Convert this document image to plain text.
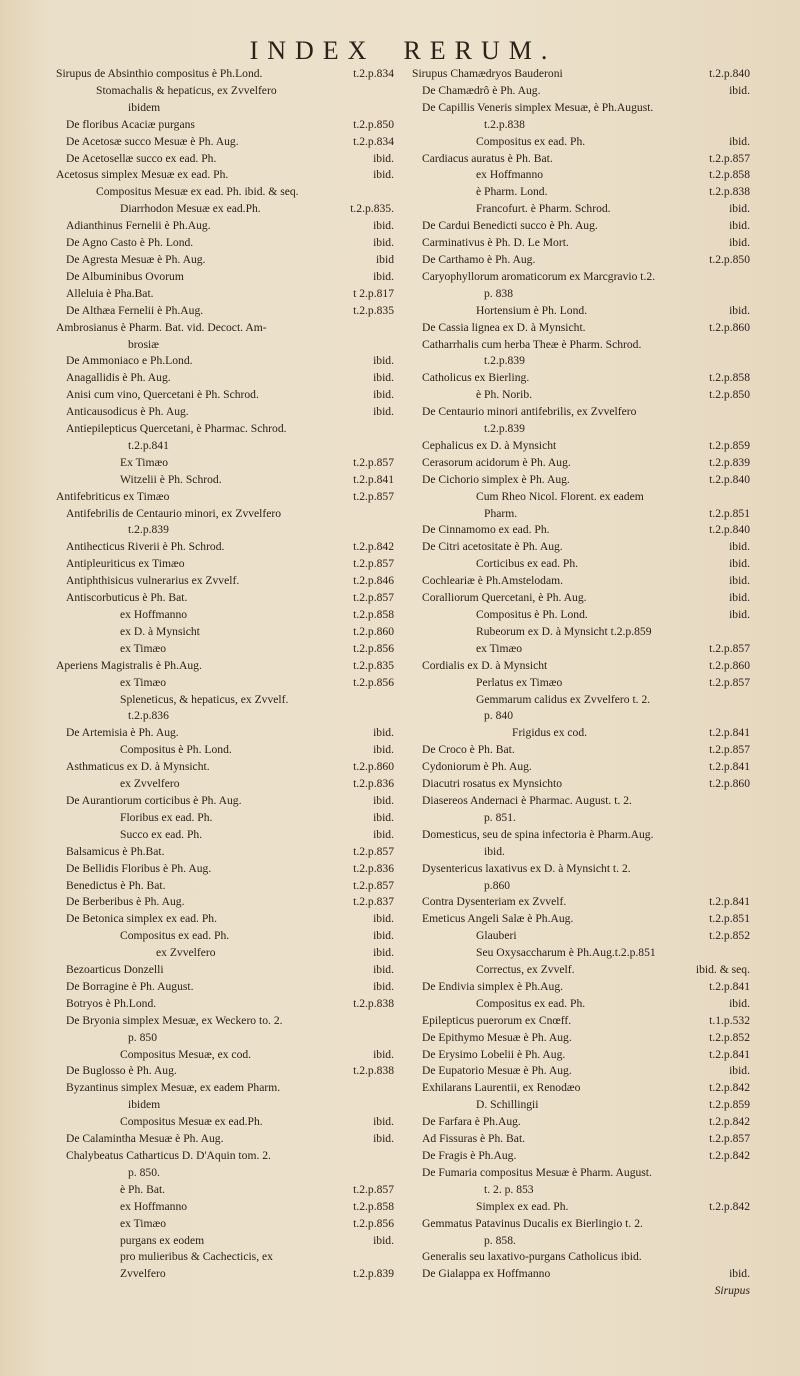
INDEX RERUM.
Sirupus de Absinthio compositus è Ph.Lond.	t.2.p.834
Stomachalis & hepaticus, ex Zvvelfero
ibidem
De floribus Acaciæ purgans	t.2.p.850
De Acetosæ succo Mesuæ è Ph. Aug.	t.2.p.834
De Acetosellæ succo ex ead. Ph.	ibid.
Acetosus simplex Mesuæ ex ead. Ph.	ibid.
Compositus Mesuæ ex ead. Ph. ibid. & seq.
Diarrhodon Mesuæ ex ead.Ph.	t.2.p.835.
Adianthinus Fernelii è Ph.Aug.	ibid.
De Agno Casto è Ph. Lond.	ibid.
De Agresta Mesuæ è Ph. Aug.	ibid
De Albuminibus Ovorum	ibid.
Alleluia è Pha.Bat.	t 2.p.817
De Althæa Fernelii è Ph.Aug.	t.2.p.835
Ambrosianus è Pharm. Bat. vid. Decoct. Am-
brosiæ
De Ammoniaco e Ph.Lond.	ibid.
Anagallidis è Ph. Aug.	ibid.
Anisi cum vino, Quercetani è Ph. Schrod.	ibid.
Anticausodicus è Ph. Aug.	ibid.
Antiepilepticus Quercetani, è Pharmac. Schrod.
t.2.p.841
Ex Timæo	t.2.p.857
Witzelii è Ph. Schrod.	t.2.p.841
Antifebriticus ex Timæo	t.2.p.857
Antifebrilis de Centaurio minori, ex Zvvelfero
t.2.p.839
Antihecticus Riverii è Ph. Schrod.	t.2.p.842
Antipleuriticus ex Timæo	t.2.p.857
Antiphthisicus vulnerarius ex Zvvelf.	t.2.p.846
Antiscorbuticus è Ph. Bat.	t.2.p.857
ex Hoffmanno	t.2.p.858
ex D. à Mynsicht	t.2.p.860
ex Timæo	t.2.p.856
Aperiens Magistralis è Ph.Aug.	t.2.p.835
ex Timæo	t.2.p.856
Spleneticus, & hepaticus, ex Zvvelf.
t.2.p.836
De Artemisia è Ph. Aug.	ibid.
Compositus è Ph. Lond.	ibid.
Asthmaticus ex D. à Mynsicht.	t.2.p.860
ex Zvvelfero	t.2.p.836
De Aurantiorum corticibus è Ph. Aug.	ibid.
Floribus ex ead. Ph.	ibid.
Succo ex ead. Ph.	ibid.
Balsamicus è Ph.Bat.	t.2.p.857
De Bellidis Floribus è Ph. Aug.	t.2.p.836
Benedictus è Ph. Bat.	t.2.p.857
De Berberibus è Ph. Aug.	t.2.p.837
De Betonica simplex ex ead. Ph.	ibid.
Compositus ex ead. Ph.	ibid.
ex Zvvelfero	ibid.
Bezoarticus Donzelli	ibid.
De Borragine è Ph. August.	ibid.
Botryos è Ph.Lond.	t.2.p.838
De Bryonia simplex Mesuæ, ex Weckero to. 2.
p. 850
Compositus Mesuæ, ex cod.	ibid.
De Buglosso è Ph. Aug.	t.2.p.838
Byzantinus simplex Mesuæ, ex eadem Pharm.
ibidem
Compositus Mesuæ ex ead.Ph.	ibid.
De Calamintha Mesuæ è Ph. Aug.	ibid.
Chalybeatus Catharticus D. D'Aquin tom. 2.
p. 850.
è Ph. Bat.	t.2.p.857
ex Hoffmanno	t.2.p.858
ex Timæo	t.2.p.856
purgans ex eodem	ibid.
pro mulieribus & Cachecticis, ex
Zvvelfero	t.2.p.839
Sirupus Chamædryos Bauderoni	t.2.p.840
De Chamædrô è Ph. Aug.	ibid.
De Capillis Veneris simplex Mesuæ, è Ph.August.
t.2.p.838
Compositus ex ead. Ph.	ibid.
Cardiacus auratus è Ph. Bat.	t.2.p.857
ex Hoffmanno	t.2.p.858
è Pharm. Lond.	t.2.p.838
Francofurt. è Pharm. Schrod.	ibid.
De Cardui Benedicti succo è Ph. Aug.	ibid.
Carminativus è Ph. D. Le Mort.	ibid.
De Carthamo è Ph. Aug.	t.2.p.850
Caryophyllorum aromaticorum ex Marcgravio t.2.
p. 838
Hortensium è Ph. Lond.	ibid.
De Cassia lignea ex D. à Mynsicht.	t.2.p.860
Catharrhalis cum herba Theæ è Pharm. Schrod.
t.2.p.839
Catholicus ex Bierling.	t.2.p.858
è Ph. Norib.	t.2.p.850
De Centaurio minori antifebrilis, ex Zvvelfero
t.2.p.839
Cephalicus ex D. à Mynsicht	t.2.p.859
Cerasorum acidorum è Ph. Aug.	t.2.p.839
De Cichorio simplex è Ph. Aug.	t.2.p.840
Cum Rheo Nicol. Florent. ex eadem
Pharm.	t.2.p.851
De Cinnamomo ex ead. Ph.	t.2.p.840
De Citri acetositate è Ph. Aug.	ibid.
Corticibus ex ead. Ph.	ibid.
Cochleariæ è Ph.Amstelodam.	ibid.
Coralliorum Quercetani, è Ph. Aug.	ibid.
Compositus è Ph. Lond.	ibid.
Rubeorum ex D. à Mynsicht t.2.p.859
ex Timæo	t.2.p.857
Cordialis ex D. à Mynsicht	t.2.p.860
Perlatus ex Timæo	t.2.p.857
Gemmarum calidus ex Zvvelfero t. 2.
p. 840
Frigidus ex cod.	t.2.p.841
De Croco è Ph. Bat.	t.2.p.857
Cydoniorum è Ph. Aug.	t.2.p.841
Diacutri rosatus ex Mynsichto	t.2.p.860
Diasereos Andernaci è Pharmac. August. t. 2.
p. 851.
Domesticus, seu de spina infectoria è Pharm.Aug.
ibid.
Dysentericus laxativus ex D. à Mynsicht t. 2.
p.860
Contra Dysenteriam ex Zvvelf.	t.2.p.841
Emeticus Angeli Salæ è Ph.Aug.	t.2.p.851
Glauberi	t.2.p.852
Seu Oxysaccharum è Ph.Aug.t.2.p.851
Correctus, ex Zvvelf.	ibid. & seq.
De Endivia simplex è Ph.Aug.	t.2.p.841
Compositus ex ead. Ph.	ibid.
Epilepticus puerorum ex Cnœff.	t.1.p.532
De Epithymo Mesuæ è Ph. Aug.	t.2.p.852
De Erysimo Lobelii è Ph. Aug.	t.2.p.841
De Eupatorio Mesuæ è Ph. Aug.	ibid.
Exhilarans Laurentii, ex Renodæo	t.2.p.842
D. Schillingii	t.2.p.859
De Farfara è Ph.Aug.	t.2.p.842
Ad Fissuras è Ph. Bat.	t.2.p.857
De Fragis è Ph.Aug.	t.2.p.842
De Fumaria compositus Mesuæ è Pharm. August.
t. 2. p. 853
Simplex ex ead. Ph.	t.2.p.842
Gemmatus Patavinus Ducalis ex Bierlingio t. 2.
p. 858.
Generalis seu laxativo-purgans Catholicus ibid.
De Gialappa ex Hoffmanno	ibid.
Sirupus
